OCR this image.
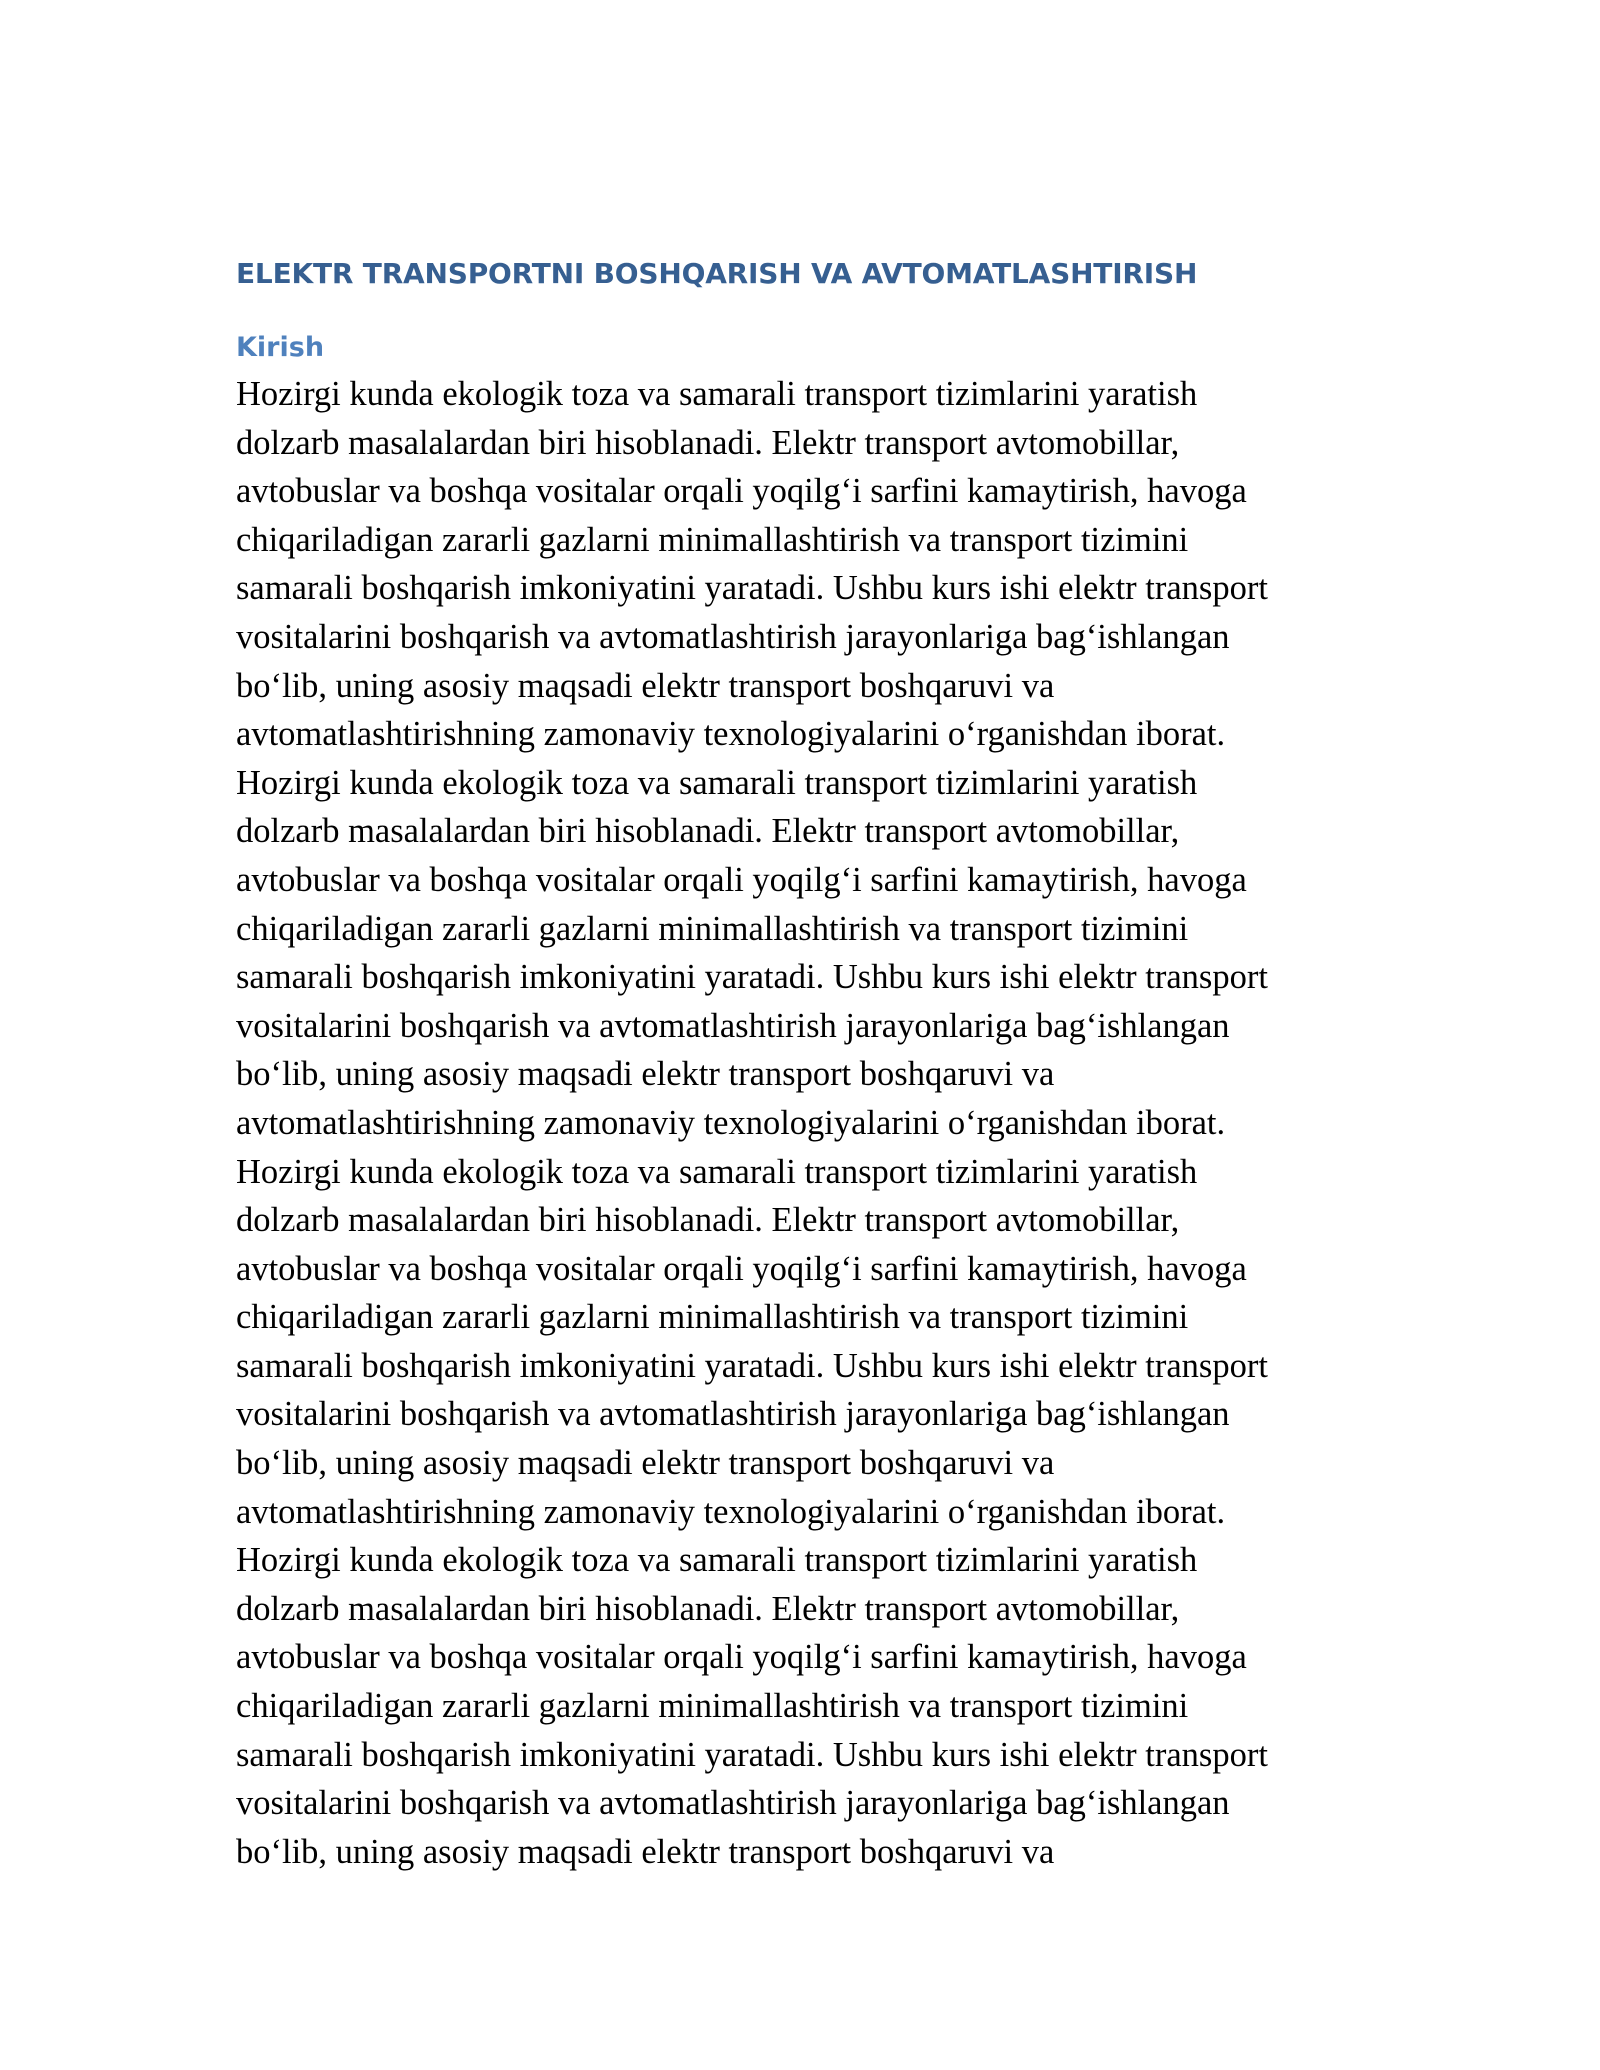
ELEKTR TRANSPORTNI BOSHQARISH VA AVTOMATLASHTIRISH
Kirish

Hozirgi kunda ekologik toza va samarali transport tizimlarini yaratish

dolzarb masalalardan biri hisoblanadi. Elektr transport avtomobillar,

avtobuslar va boshqa vositalar orqali yoqilg‘i sarfini kamaytirish, havoga

chiqariladigan zararli gazlarni minimallashtirish va transport tizimini

samarali boshqarish imkoniyatini yaratadi. Ushbu kurs ishi elektr transport

vositalarini boshqarish va avtomatlashtirish jarayonlariga bag‘ishlangan

bo‘lib, uning asosiy maqsadi elektr transport boshqaruvi va

avtomatlashtirishning zamonaviy texnologiyalarini o‘rganishdan iborat.

Hozirgi kunda ekologik toza va samarali transport tizimlarini yaratish

dolzarb masalalardan biri hisoblanadi. Elektr transport avtomobillar,

avtobuslar va boshqa vositalar orqali yoqilg‘i sarfini kamaytirish, havoga

chiqariladigan zararli gazlarni minimallashtirish va transport tizimini

samarali boshqarish imkoniyatini yaratadi. Ushbu kurs ishi elektr transport

vositalarini boshqarish va avtomatlashtirish jarayonlariga bag‘ishlangan

bo‘lib, uning asosiy maqsadi elektr transport boshqaruvi va

avtomatlashtirishning zamonaviy texnologiyalarini o‘rganishdan iborat.

Hozirgi kunda ekologik toza va samarali transport tizimlarini yaratish

dolzarb masalalardan biri hisoblanadi. Elektr transport avtomobillar,

avtobuslar va boshqa vositalar orqali yoqilg‘i sarfini kamaytirish, havoga

chiqariladigan zararli gazlarni minimallashtirish va transport tizimini

samarali boshqarish imkoniyatini yaratadi. Ushbu kurs ishi elektr transport

vositalarini boshqarish va avtomatlashtirish jarayonlariga bag‘ishlangan

bo‘lib, uning asosiy maqsadi elektr transport boshqaruvi va

avtomatlashtirishning zamonaviy texnologiyalarini o‘rganishdan iborat.

Hozirgi kunda ekologik toza va samarali transport tizimlarini yaratish

dolzarb masalalardan biri hisoblanadi. Elektr transport avtomobillar,

avtobuslar va boshqa vositalar orqali yoqilg‘i sarfini kamaytirish, havoga

chiqariladigan zararli gazlarni minimallashtirish va transport tizimini

samarali boshqarish imkoniyatini yaratadi. Ushbu kurs ishi elektr transport

vositalarini boshqarish va avtomatlashtirish jarayonlariga bag‘ishlangan

bo‘lib, uning asosiy maqsadi elektr transport boshqaruvi va
